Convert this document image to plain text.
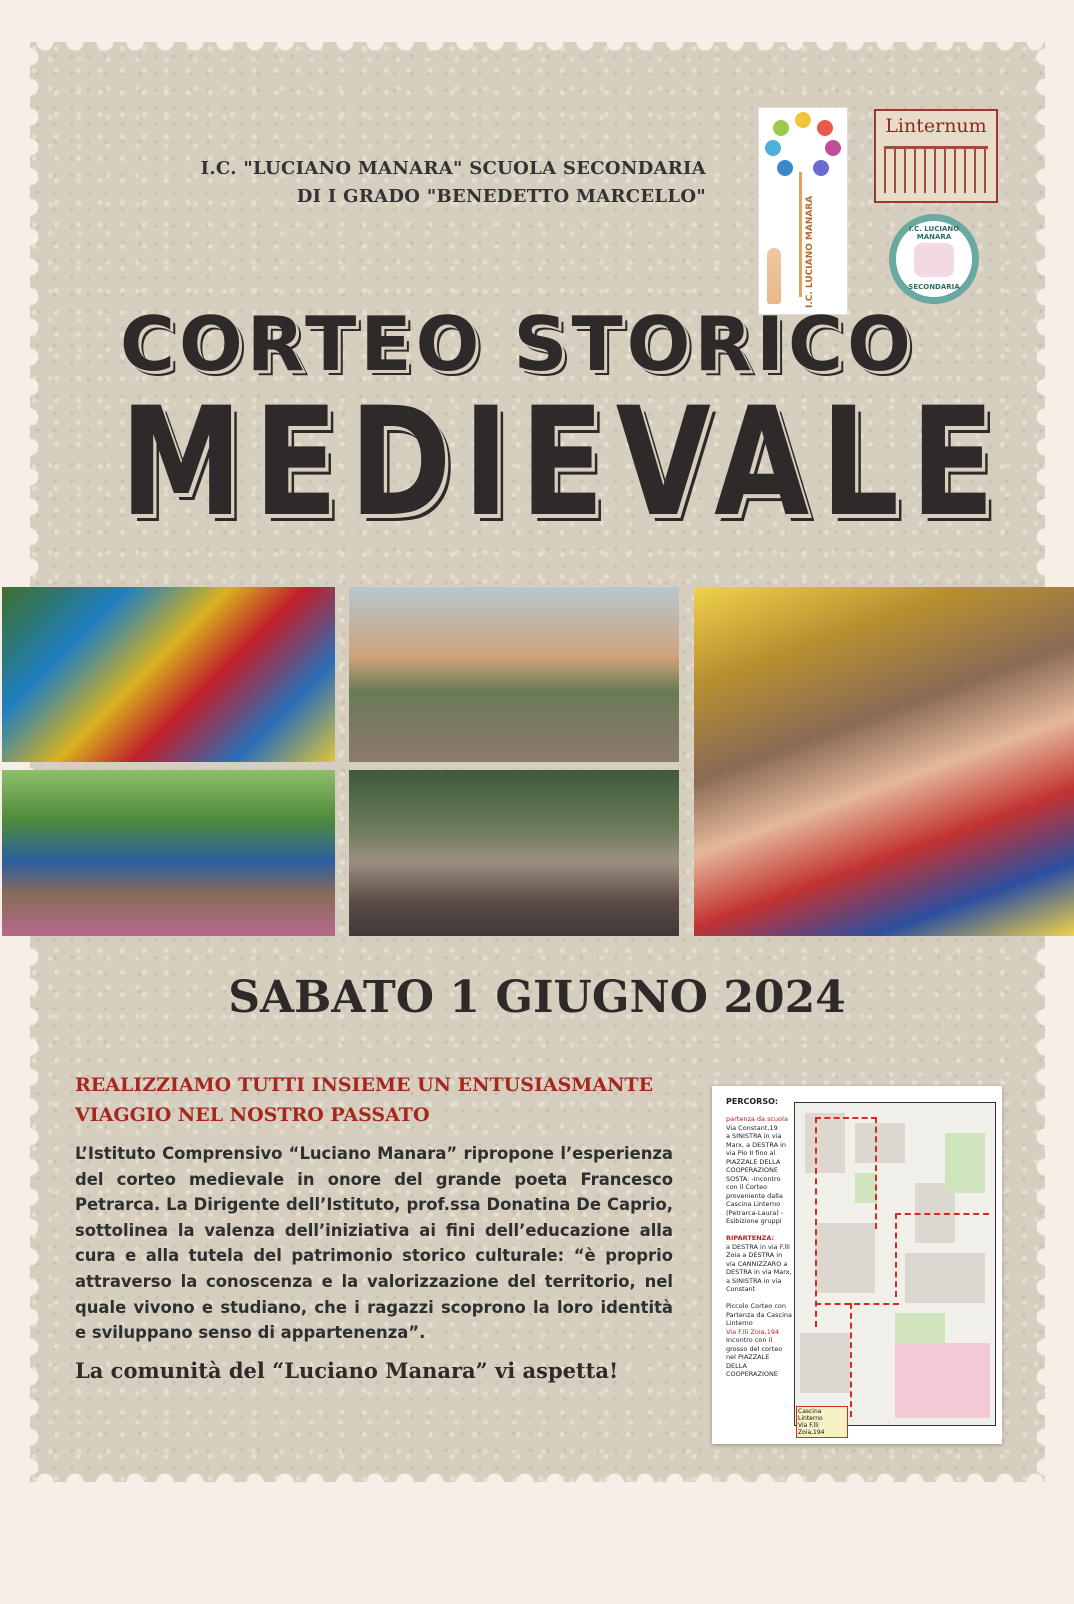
I.C. "LUCIANO MANARA" SCUOLA SECONDARIA
DI I GRADO "BENEDETTO MARCELLO"	I.C. LUCIANO MANARA
Linternum
I.C. LUCIANO MANARA
SECONDARIA
CORTEO STORICO
MEDIEVALE
SABATO 1 GIUGNO 2024
REALIZZIAMO TUTTI INSIEME UN ENTUSIASMANTE
VIAGGIO NEL NOSTRO PASSATO
L’Istituto Comprensivo “Luciano Manara” ripropone l’esperienza del corteo medievale in onore del grande poeta Francesco Petrarca. La Dirigente dell’Istituto, prof.ssa Donatina De Caprio, sottolinea la valenza dell’iniziativa ai fini dell’educazione alla cura e alla tutela del patrimonio storico culturale: “è proprio attraverso la conoscenza e la valorizzazione del territorio, nel quale vivono e studiano, che i ragazzi scoprono la loro identità e sviluppano senso di appartenenza”.
La comunità del “Luciano Manara” vi aspetta!
PERCORSO:

partenza da scuola
Via Constant,19
a SINISTRA in via Marx, a DESTRA in via Pio II fino al PIAZZALE DELLA COOPERAZIONE
SOSTA: -Incontro con il Corteo proveniente dalla Cascina Linterno (Petrarca-Laura) -Esibizione gruppi

RIPARTENZA:
a DESTRA in via F.lli Zoia a DESTRA in via CANNIZZARO a DESTRA in via Marx, a SINISTRA in via Constant

Piccolo Corteo con Partenza da Cascina Linterno
Via F.lli Zoia,194
Incontro con il grosso del corteo nel PIAZZALE DELLA COOPERAZIONE
Cascina Linterno
Via F.lli Zoia,194
